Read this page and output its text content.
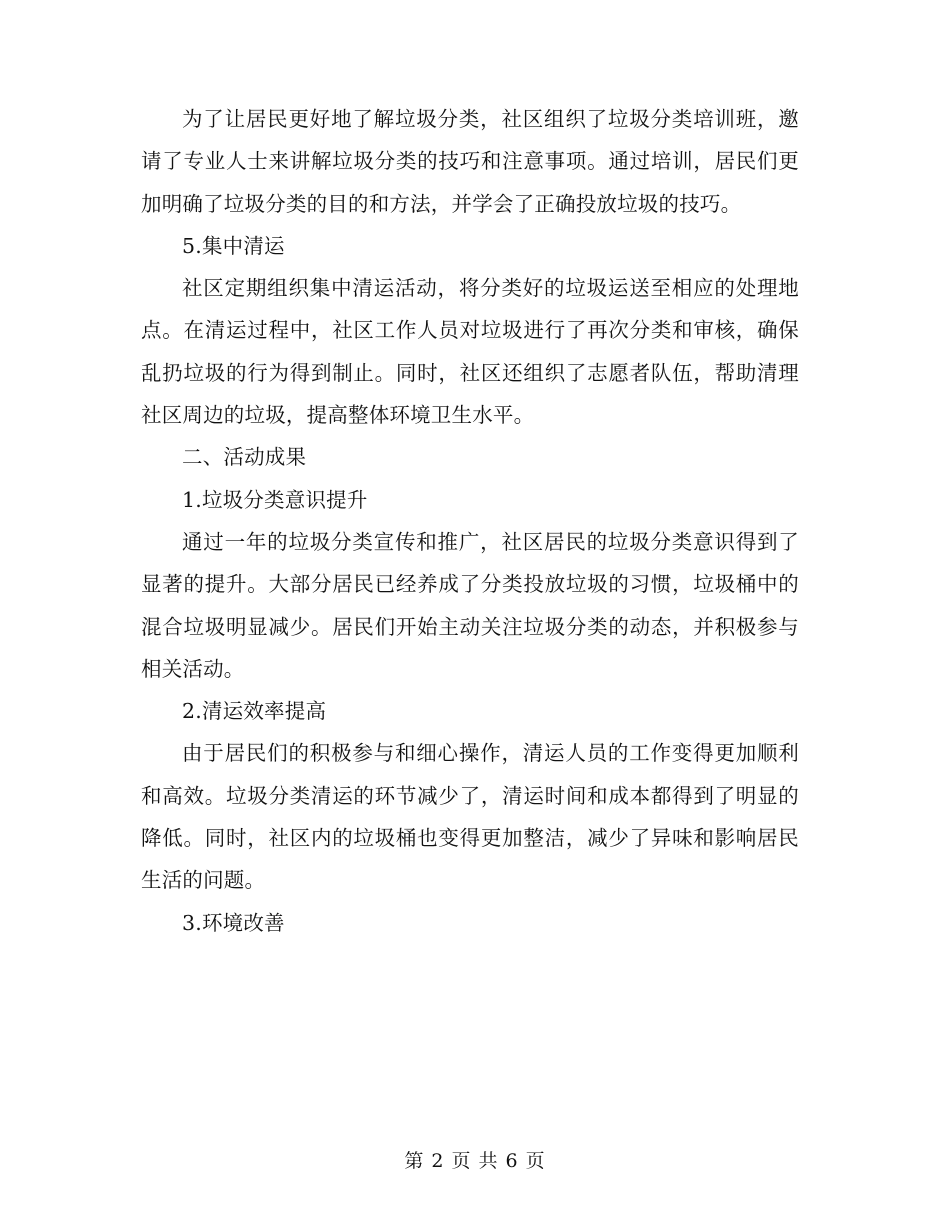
为了让居民更好地了解垃圾分类，社区组织了垃圾分类培训班，邀请了专业人士来讲解垃圾分类的技巧和注意事项。通过培训，居民们更加明确了垃圾分类的目的和方法，并学会了正确投放垃圾的技巧。

5.集中清运

社区定期组织集中清运活动，将分类好的垃圾运送至相应的处理地点。在清运过程中，社区工作人员对垃圾进行了再次分类和审核，确保乱扔垃圾的行为得到制止。同时，社区还组织了志愿者队伍，帮助清理社区周边的垃圾，提高整体环境卫生水平。

二、活动成果

1.垃圾分类意识提升

通过一年的垃圾分类宣传和推广，社区居民的垃圾分类意识得到了显著的提升。大部分居民已经养成了分类投放垃圾的习惯，垃圾桶中的混合垃圾明显减少。居民们开始主动关注垃圾分类的动态，并积极参与相关活动。

2.清运效率提高

由于居民们的积极参与和细心操作，清运人员的工作变得更加顺利和高效。垃圾分类清运的环节减少了，清运时间和成本都得到了明显的降低。同时，社区内的垃圾桶也变得更加整洁，减少了异味和影响居民生活的问题。

3.环境改善

第 2 页 共 6 页
